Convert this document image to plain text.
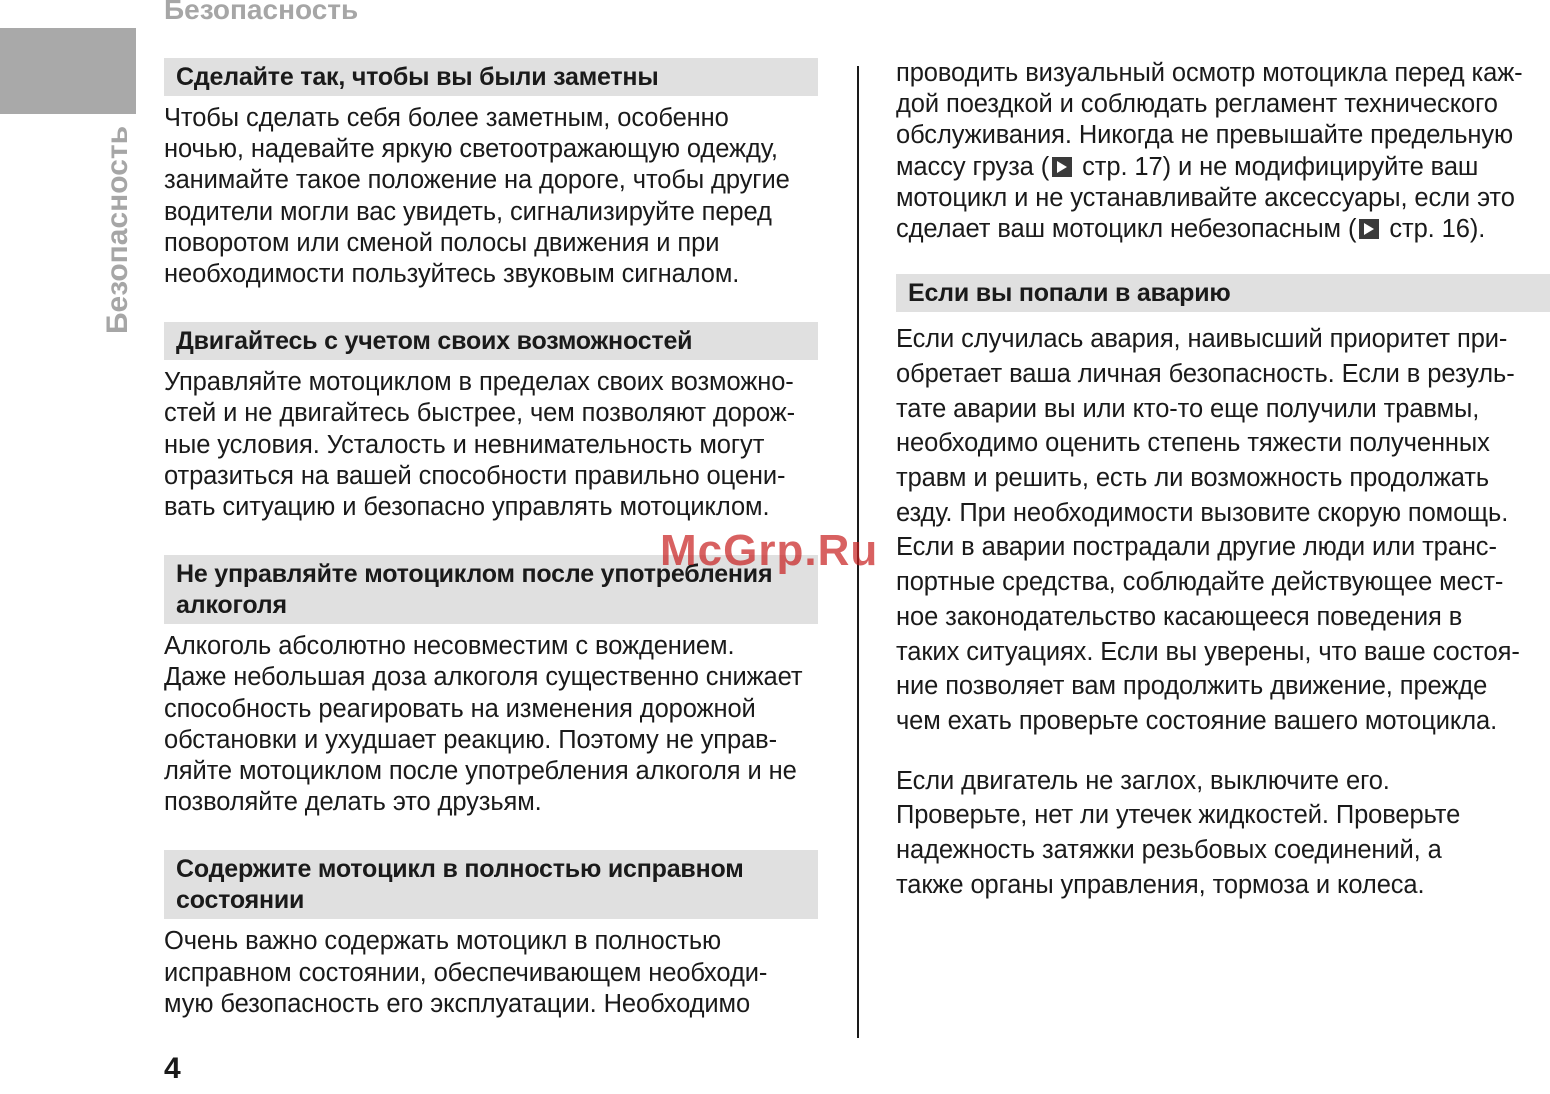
Безопасность
Безопасность
Сделайте так, чтобы вы были заметны

Чтобы сделать себя более заметным, особенно
ночью, надевайте яркую светоотражающую одежду,
занимайте такое положение на дороге, чтобы другие
водители могли вас увидеть, сигнализируйте перед
поворотом или сменой полосы движения и при
необходимости пользуйтесь звуковым сигналом.

Двигайтесь с учетом своих возможностей

Управляйте мотоциклом в пределах своих возможно-
стей и не двигайтесь быстрее, чем позволяют дорож-
ные условия. Усталость и невнимательность могут
отразиться на вашей способности правильно оцени-
вать ситуацию и безопасно управлять мотоциклом.

Не управляйте мотоциклом после употребления
алкоголя

Алкоголь абсолютно несовместим с вождением.
Даже небольшая доза алкоголя существенно снижает
способность реагировать на изменения дорожной
обстановки и ухудшает реакцию. Поэтому не управ-
ляйте мотоциклом после употребления алкоголя и не
позволяйте делать это друзьям.

Содержите мотоцикл в полностью исправном
состоянии

Очень важно содержать мотоцикл в полностью
исправном состоянии, обеспечивающем необходи-
мую безопасность его эксплуатации. Необходимо

проводить визуальный осмотр мотоцикла перед каж-
дой поездкой и соблюдать регламент технического
обслуживания. Никогда не превышайте предельную
массу груза ( стр. 17) и не модифицируйте ваш
мотоцикл и не устанавливайте аксессуары, если это
сделает ваш мотоцикл небезопасным ( стр. 16).

Если вы попали в аварию

Если случилась авария, наивысший приоритет при-
обретает ваша личная безопасность. Если в резуль-
тате аварии вы или кто-то еще получили травмы,
необходимо оценить степень тяжести полученных
травм и решить, есть ли возможность продолжать
езду. При необходимости вызовите скорую помощь.
Если в аварии пострадали другие люди или транс-
портные средства, соблюдайте действующее мест-
ное законодательство касающееся поведения в
таких ситуациях. Если вы уверены, что ваше состоя-
ние позволяет вам продолжить движение, прежде
чем ехать проверьте состояние вашего мотоцикла.

Если двигатель не заглох, выключите его.
Проверьте, нет ли утечек жидкостей. Проверьте
надежность затяжки резьбовых соединений, а
также органы управления, тормоза и колеса.

McGrp.Ru
4
